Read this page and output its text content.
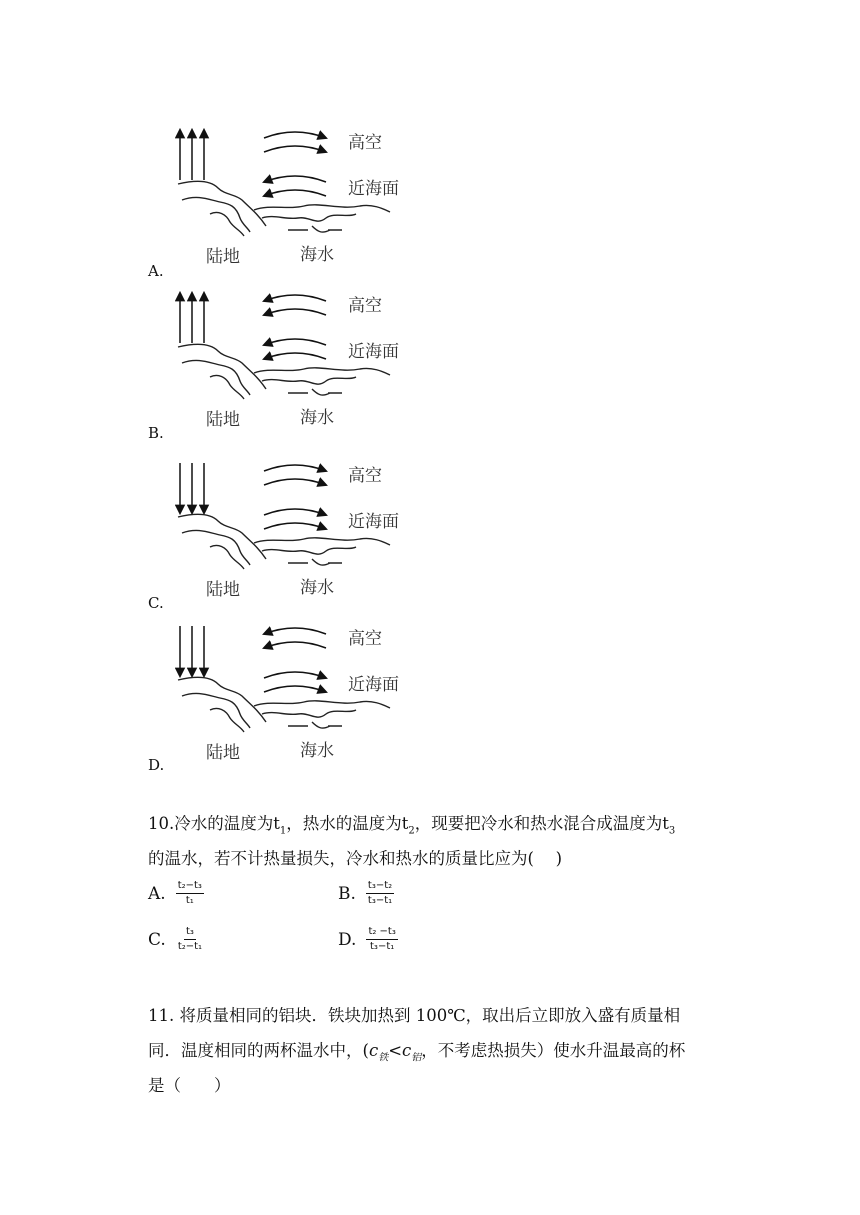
高空
近海面
陆地	海水
A.
高空
近海面
陆地	海水
B.
高空
近海面
陆地	海水
C.
高空
近海面
陆地	海水
D.
10.冷水的温度为$t_1$，热水的温度为$t_2$，现要把冷水和热水混合成温度为$t_3$
的温水，若不计热量损失，冷水和热水的质量比应为(　 )
A. $\frac{\text{t₂−t₃}}{\text{t₁}}$	B. $\frac{\text{t₃−t₂}}{\text{t₃−t₁}}$
C. $\frac{\text{t₃}}{\text{t₂−t₁}}$	D. $\frac{\text{t₂ −t₃}}{\text{t₃−t₁}}$
11. 将质量相同的铝块．铁块加热到 100℃，取出后立即放入盛有质量相
同．温度相同的两杯温水中，($c_铁<c_铝$，不考虑热损失）使水升温最高的杯
是（　　）
